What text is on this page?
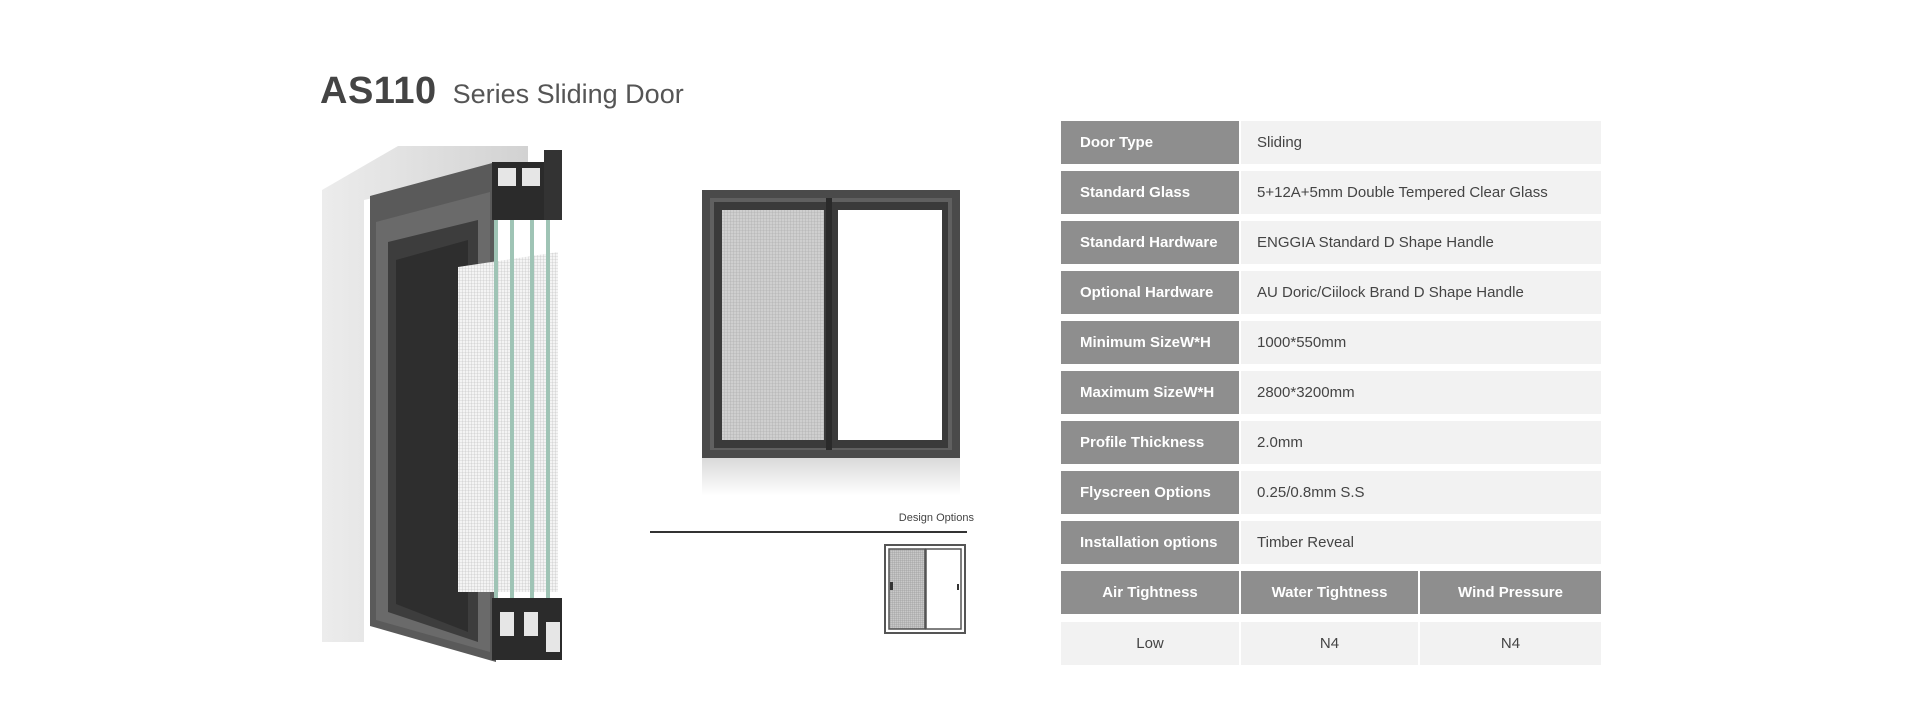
AS110 Series Sliding Door
Design Options
Door Type	Sliding
Standard Glass	5+12A+5mm Double Tempered Clear Glass
Standard Hardware	ENGGIA Standard D Shape Handle
Optional Hardware	AU Doric/Ciilock Brand D Shape Handle
Minimum SizeW*H	1000*550mm
Maximum SizeW*H	2800*3200mm
Profile Thickness	2.0mm
Flyscreen Options	0.25/0.8mm S.S
Installation options	Timber Reveal
Air Tightness	Water Tightness	Wind Pressure
Low	N4	N4
